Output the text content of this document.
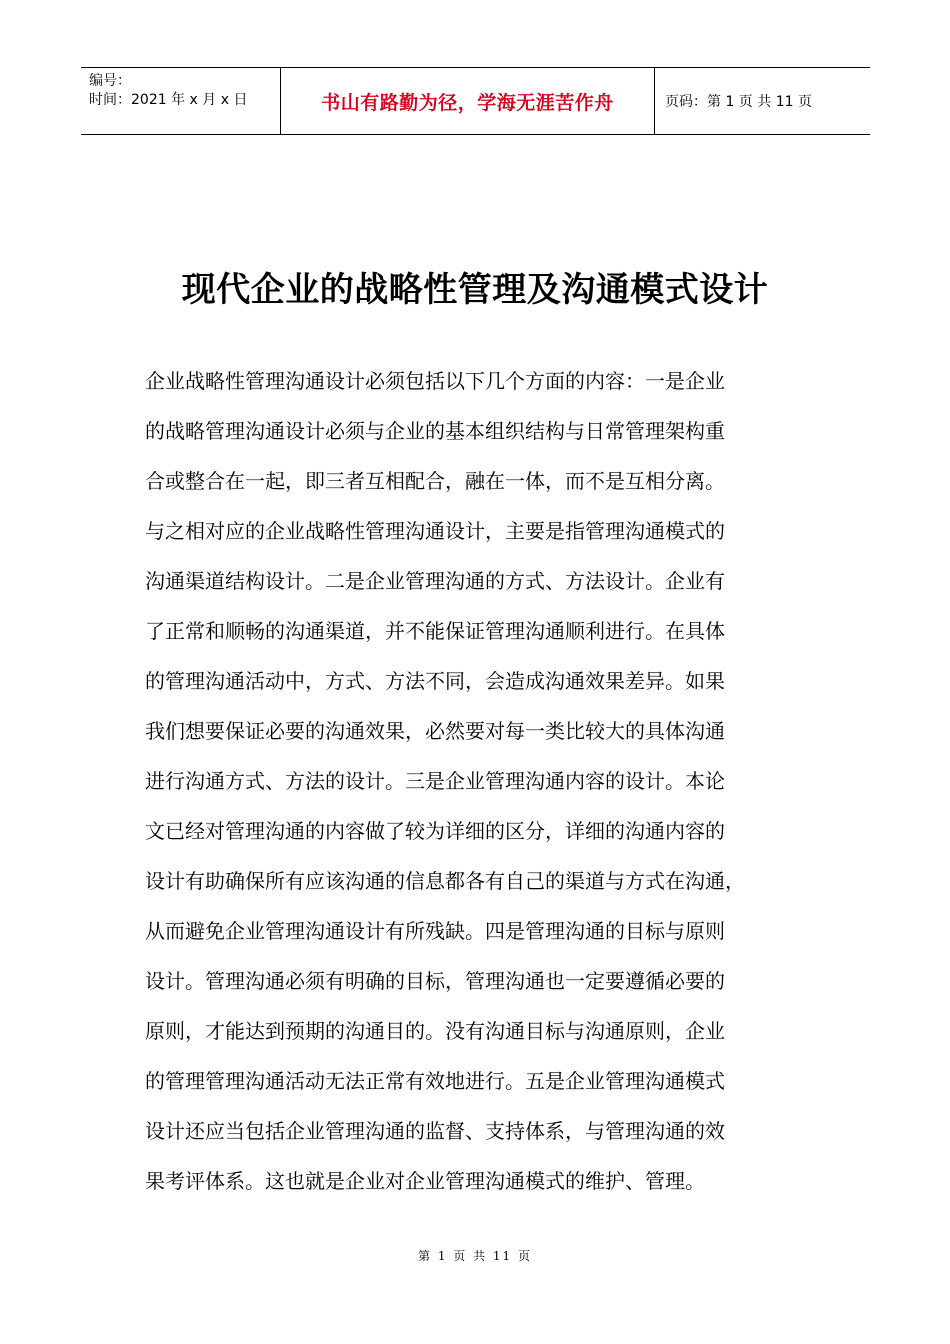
编号：
时间：2021 年 x 月 x 日	书山有路勤为径，学海无涯苦作舟	页码：第 1 页 共 11 页
现代企业的战略性管理及沟通模式设计
企业战略性管理沟通设计必须包括以下几个方面的内容：一是企业
的战略管理沟通设计必须与企业的基本组织结构与日常管理架构重
合或整合在一起，即三者互相配合，融在一体，而不是互相分离。
与之相对应的企业战略性管理沟通设计，主要是指管理沟通模式的
沟通渠道结构设计。二是企业管理沟通的方式、方法设计。企业有
了正常和顺畅的沟通渠道，并不能保证管理沟通顺利进行。在具体
的管理沟通活动中，方式、方法不同，会造成沟通效果差异。如果
我们想要保证必要的沟通效果，必然要对每一类比较大的具体沟通
进行沟通方式、方法的设计。三是企业管理沟通内容的设计。本论
文已经对管理沟通的内容做了较为详细的区分，详细的沟通内容的
设计有助确保所有应该沟通的信息都各有自己的渠道与方式在沟通，
从而避免企业管理沟通设计有所残缺。四是管理沟通的目标与原则
设计。管理沟通必须有明确的目标，管理沟通也一定要遵循必要的
原则，才能达到预期的沟通目的。没有沟通目标与沟通原则，企业
的管理管理沟通活动无法正常有效地进行。五是企业管理沟通模式
设计还应当包括企业管理沟通的监督、支持体系，与管理沟通的效
果考评体系。这也就是企业对企业管理沟通模式的维护、管理。
第 1 页 共 11 页
